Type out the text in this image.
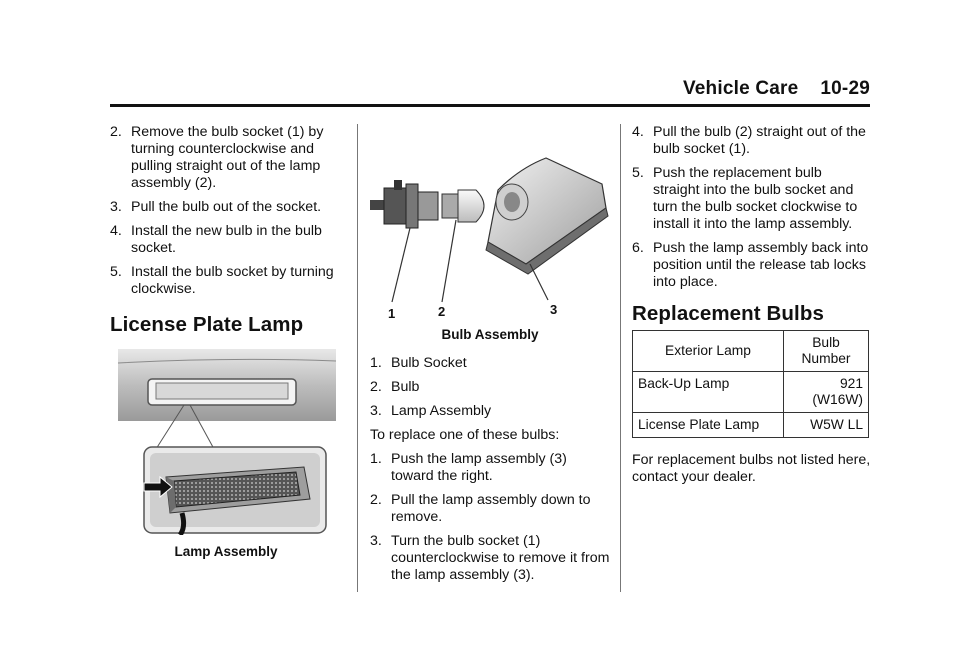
Vehicle Care 10-29
2. Remove the bulb socket (1) by turning counterclockwise and pulling straight out of the lamp assembly (2).
3. Pull the bulb out of the socket.
4. Install the new bulb in the bulb socket.
5. Install the bulb socket by turning clockwise.
License Plate Lamp
Lamp Assembly
1	2	3
Bulb Assembly
1. Bulb Socket
2. Bulb
3. Lamp Assembly
To replace one of these bulbs:
1. Push the lamp assembly (3) toward the right.
2. Pull the lamp assembly down to remove.
3. Turn the bulb socket (1) counterclockwise to remove it from the lamp assembly (3).
4. Pull the bulb (2) straight out of the bulb socket (1).
5. Push the replacement bulb straight into the bulb socket and turn the bulb socket clockwise to install it into the lamp assembly.
6. Push the lamp assembly back into position until the release tab locks into place.
Replacement Bulbs
Exterior Lamp	Bulb Number
Back-Up Lamp	921 (W16W)
License Plate Lamp	W5W LL
For replacement bulbs not listed here, contact your dealer.
